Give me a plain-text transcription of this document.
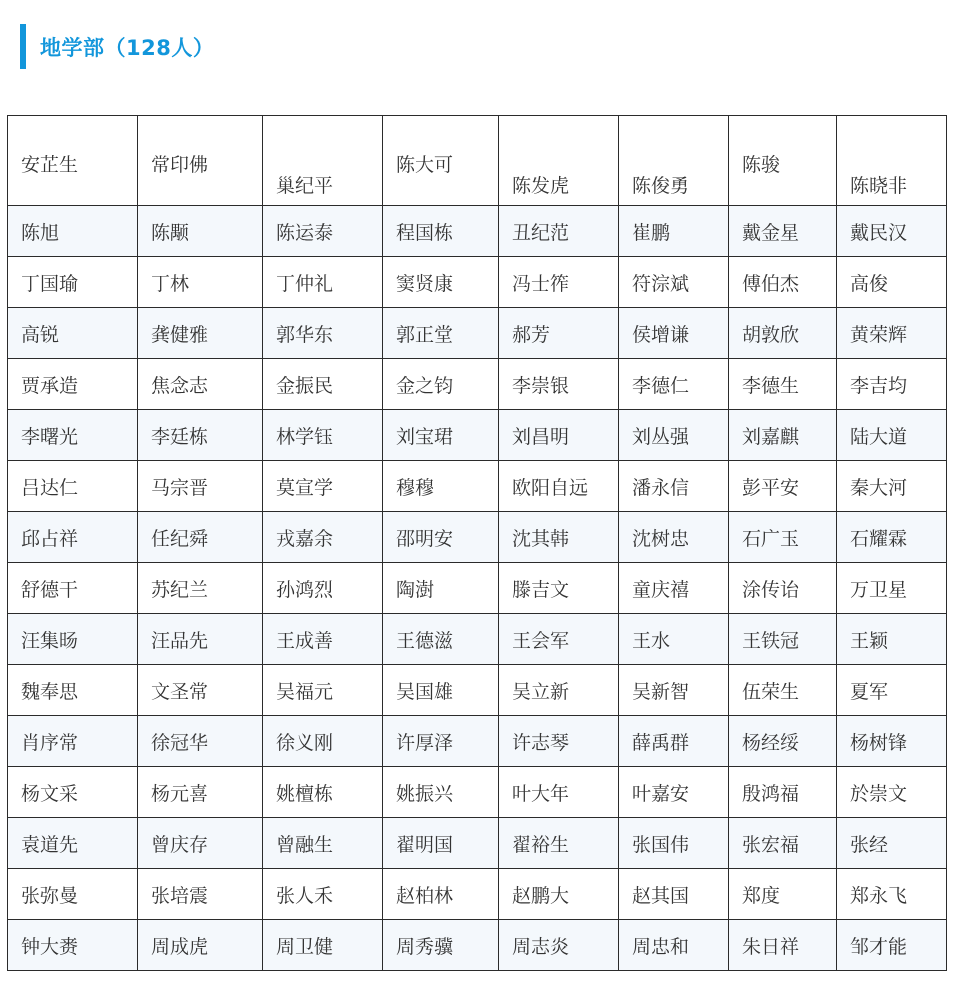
地学部（128人）
安芷生	常印佛	巢纪平	陈大可	陈发虎	陈俊勇	陈骏	陈晓非

陈旭	陈颙	陈运泰	程国栋	丑纪范	崔鹏	戴金星	戴民汉
丁国瑜	丁林	丁仲礼	窦贤康	冯士筰	符淙斌	傅伯杰	高俊
高锐	龚健雅	郭华东	郭正堂	郝芳	侯增谦	胡敦欣	黄荣辉
贾承造	焦念志	金振民	金之钧	李崇银	李德仁	李德生	李吉均
李曙光	李廷栋	林学钰	刘宝珺	刘昌明	刘丛强	刘嘉麒	陆大道
吕达仁	马宗晋	莫宣学	穆穆	欧阳自远	潘永信	彭平安	秦大河
邱占祥	任纪舜	戎嘉余	邵明安	沈其韩	沈树忠	石广玉	石耀霖
舒德干	苏纪兰	孙鸿烈	陶澍	滕吉文	童庆禧	涂传诒	万卫星
汪集旸	汪品先	王成善	王德滋	王会军	王水	王铁冠	王颖
魏奉思	文圣常	吴福元	吴国雄	吴立新	吴新智	伍荣生	夏军
肖序常	徐冠华	徐义刚	许厚泽	许志琴	薛禹群	杨经绥	杨树锋
杨文采	杨元喜	姚檀栋	姚振兴	叶大年	叶嘉安	殷鸿福	於崇文
袁道先	曾庆存	曾融生	翟明国	翟裕生	张国伟	张宏福	张经
张弥曼	张培震	张人禾	赵柏林	赵鹏大	赵其国	郑度	郑永飞
钟大赉	周成虎	周卫健	周秀骥	周志炎	周忠和	朱日祥	邹才能
